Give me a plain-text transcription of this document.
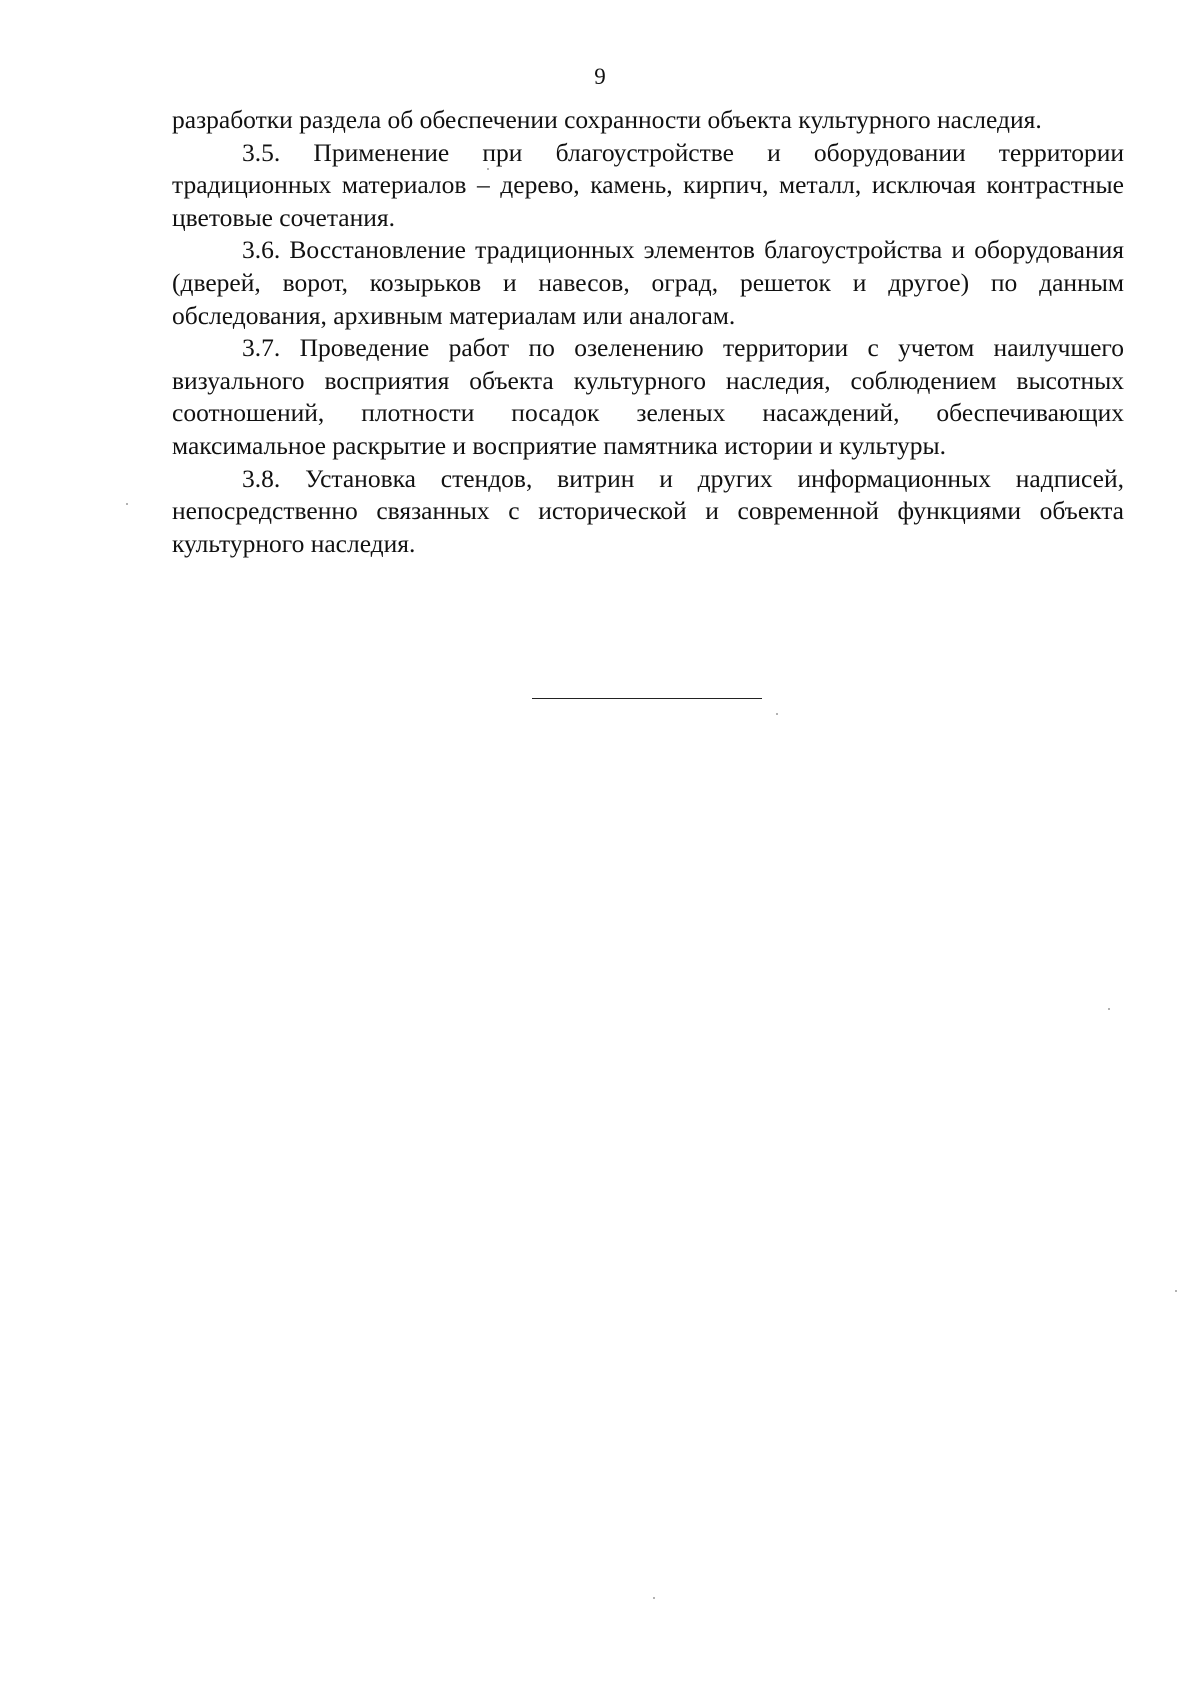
9

разработки раздела об обеспечении сохранности объекта культурного наследия.

3.5. Применение при благоустройстве и оборудовании территории традиционных материалов – дерево, камень, кирпич, металл, исключая контрастные цветовые сочетания.

3.6. Восстановление традиционных элементов благоустройства и оборудования (дверей, ворот, козырьков и навесов, оград, решеток и другое) по данным обследования, архивным материалам или аналогам.

3.7. Проведение работ по озеленению территории с учетом наилучшего визуального восприятия объекта культурного наследия, соблюдением высотных соотношений, плотности посадок зеленых насаждений, обеспечивающих максимальное раскрытие и восприятие памятника истории и культуры.

3.8. Установка стендов, витрин и других информационных надписей, непосредственно связанных с исторической и современной функциями объекта культурного наследия.
